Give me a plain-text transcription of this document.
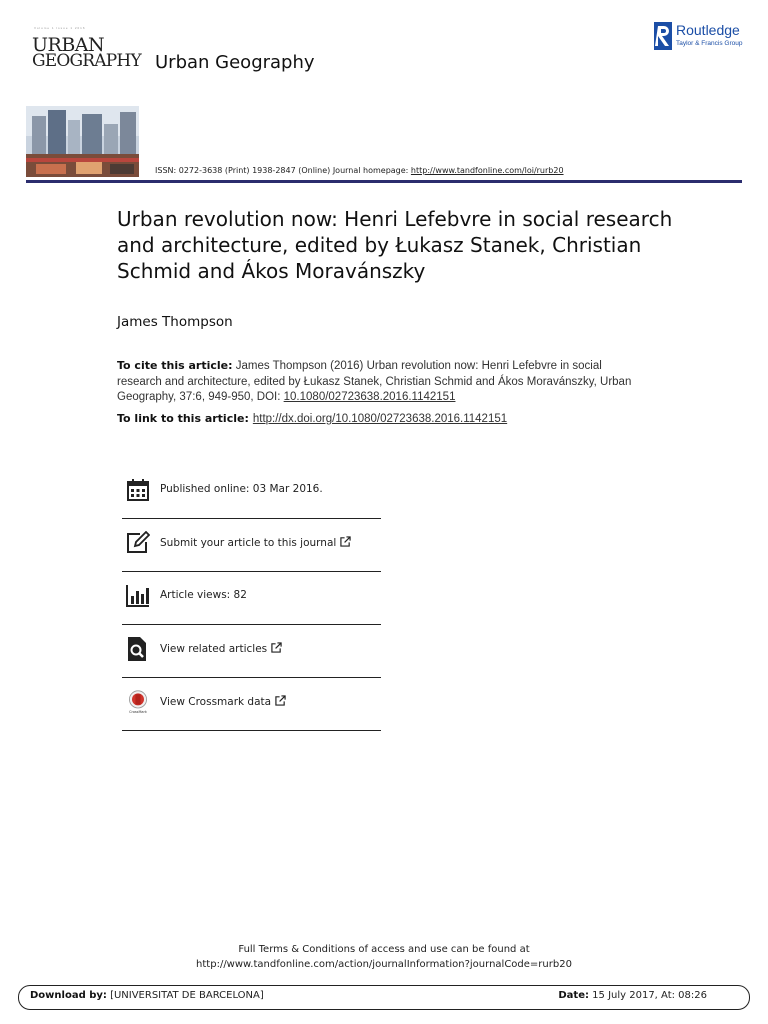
Volume 1 Issue 1 2016
URBAN
GEOGRAPHY Urban Geography
Routledge
Taylor & Francis Group
ISSN: 0272-3638 (Print) 1938-2847 (Online) Journal homepage: http://www.tandfonline.com/loi/rurb20
Urban revolution now: Henri Lefebvre in social research and architecture, edited by Łukasz Stanek, Christian Schmid and Ákos Moravánszky
James Thompson
To cite this article: James Thompson (2016) Urban revolution now: Henri Lefebvre in social research and architecture, edited by Łukasz Stanek, Christian Schmid and Ákos Moravánszky, Urban Geography, 37:6, 949-950, DOI: 10.1080/02723638.2016.1142151
To link to this article: http://dx.doi.org/10.1080/02723638.2016.1142151
Published online: 03 Mar 2016.
Submit your article to this journal
Article views: 82
View related articles
CrossMark
View Crossmark data
Full Terms & Conditions of access and use can be found at
http://www.tandfonline.com/action/journalInformation?journalCode=rurb20
Download by: [UNIVERSITAT DE BARCELONA]	Date: 15 July 2017, At: 08:26
